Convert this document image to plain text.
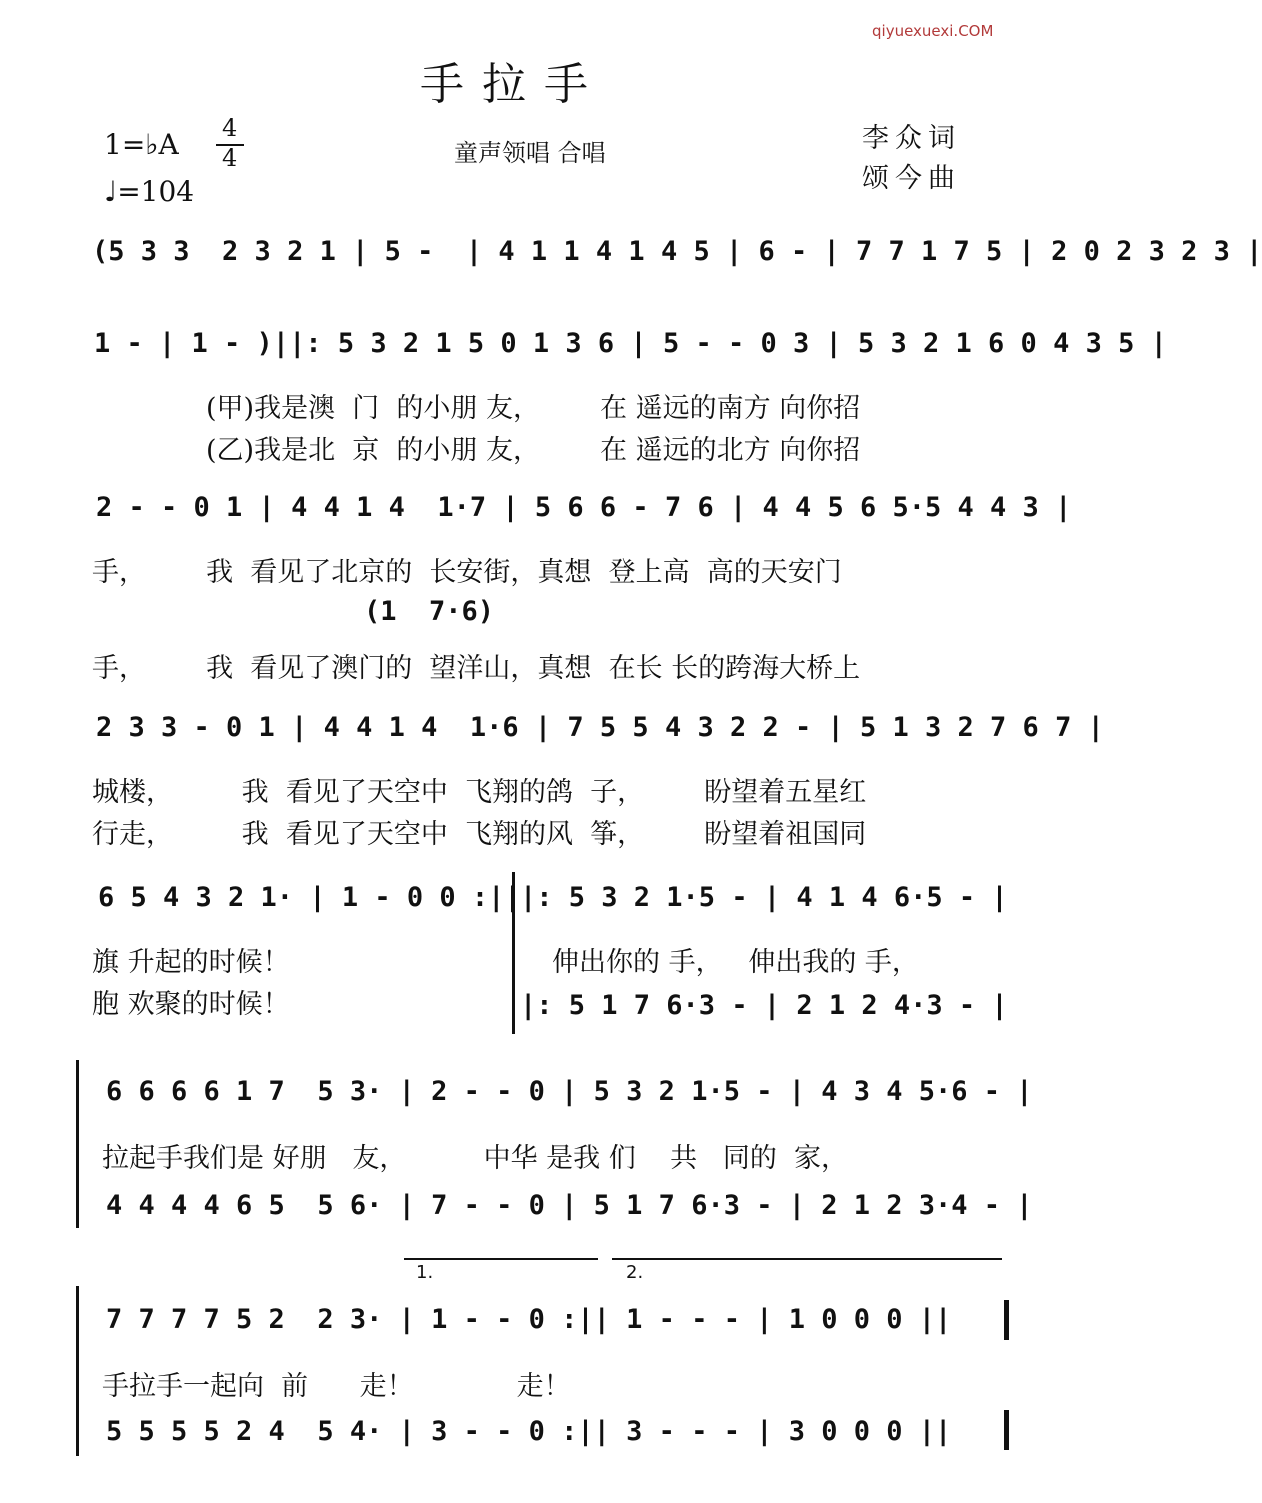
qiyuexuexi.COM
手 拉 手
1=♭A 4
4
♩=104
童声领唱 合唱	李众词
颂今曲
(5 3 3  2 3 2 1 | 5 -  | 4 1 1 4 1 4 5 | 6 - | 7 7 1 7 5 | 2 0 2 3 2 3 |
1 - | 1 - )||: 5 3 2 1 5 0 1 3 6 | 5 - - 0 3 | 5 3 2 1 6 0 4 3 5 |
(甲)我是澳  门  的小朋 友，       在 遥远的南方 向你招
(乙)我是北  京  的小朋 友，       在 遥远的北方 向你招
2 - - 0 1 | 4 4 1 4  1·7 | 5 6 6 - 7 6 | 4 4 5 6 5·5 4 4 3 |
手，       我  看见了北京的  长安街，真想  登上高  高的天安门
(1  7·6)
手，       我  看见了澳门的  望洋山，真想  在长 长的跨海大桥上
2 3 3 - 0 1 | 4 4 1 4  1·6 | 7 5 5 4 3 2 2 - | 5 1 3 2 7 6 7 |
城楼，        我  看见了天空中  飞翔的鸽  子，       盼望着五星红
行走，        我  看见了天空中  飞翔的风  筝，       盼望着祖国同
6 5 4 3 2 1· | 1 - 0 0 :|| |: 5 3 2 1·5 - | 4 1 4 6·5 - |
旗 升起的时候！
胞 欢聚的时候！
伸出你的 手，   伸出我的 手，
|: 5 1 7 6·3 - | 2 1 2 4·3 - |
6 6 6 6 1 7  5 3· | 2 - - 0 | 5 3 2 1·5 - | 4 3 4 5·6 - |
拉起手我们是 好朋   友，         中华 是我 们    共   同的  家，
4 4 4 4 6 5  5 6· | 7 - - 0 | 5 1 7 6·3 - | 2 1 2 3·4 - |
1.	2.
7 7 7 7 5 2  2 3· | 1 - - 0 :|| 1 - - - | 1 0 0 0 ||
手拉手一起向  前      走！            走！
5 5 5 5 2 4  5 4· | 3 - - 0 :|| 3 - - - | 3 0 0 0 ||
